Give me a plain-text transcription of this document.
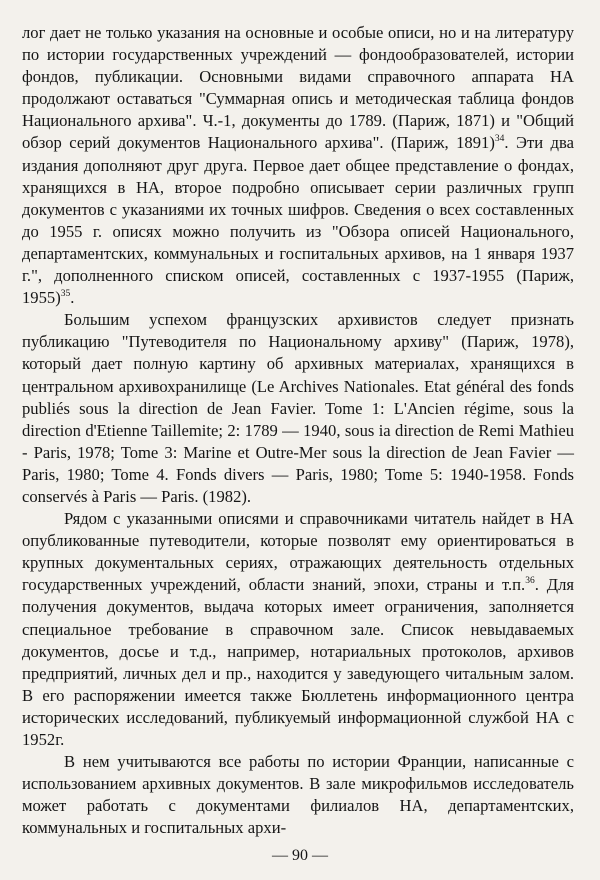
лог дает не только указания на основные и особые описи, но и на литературу по истории государственных учреждений — фондообразователей, истории фондов, публикации. Основными видами справочного аппарата НА продолжают оставаться "Суммарная опись и методическая таблица фондов Национального архива". Ч.-1, документы до 1789. (Париж, 1871) и "Общий обзор серий документов Национального архива". (Париж, 1891)$^{34}$. Эти два издания дополняют друг друга. Первое дает общее представление о фондах, хранящихся в НА, второе подробно описывает серии различных групп документов с указаниями их точных шифров. Сведения о всех составленных до 1955 г. описях можно получить из "Обзора описей Национального, департаментских, коммунальных и госпитальных архивов, на 1 января 1937 г.", дополненного списком описей, составленных с 1937-1955 (Париж, 1955)$^{35}$.

Большим успехом французских архивистов следует признать публикацию "Путеводителя по Национальному архиву" (Париж, 1978), который дает полную картину об архивных материалах, хранящихся в центральном архивохранилище (Le Archives Nationales. Etat général des fonds publiés sous la direction de Jean Favier. Tome 1: L'Ancien régime, sous la direction d'Etienne Taillemite; 2: 1789 — 1940, sous ia direction de Remi Mathieu - Paris, 1978; Tome 3: Marine et Outre-Mer sous la direction de Jean Favier — Paris, 1980; Tome 4. Fonds divers — Paris, 1980; Tome 5: 1940-1958. Fonds conservés à Paris — Paris. (1982).

Рядом с указанными описями и справочниками читатель найдет в НА опубликованные путеводители, которые позволят ему ориентироваться в крупных документальных сериях, отражающих деятельность отдельных государственных учреждений, области знаний, эпохи, страны и т.п.$^{36}$. Для получения документов, выдача которых имеет ограничения, заполняется специальное требование в справочном зале. Список невыдаваемых документов, досье и т.д., например, нотариальных протоколов, архивов предприятий, личных дел и пр., находится у заведующего читальным залом. В его распоряжении имеется также Бюллетень информационного центра исторических исследований, публикуемый информационной службой НА с 1952г.

В нем учитываются все работы по истории Франции, написанные с использованием архивных документов. В зале микрофильмов исследователь может работать с документами филиалов НА, департаментских, коммунальных и госпитальных архи-

— 90 —
